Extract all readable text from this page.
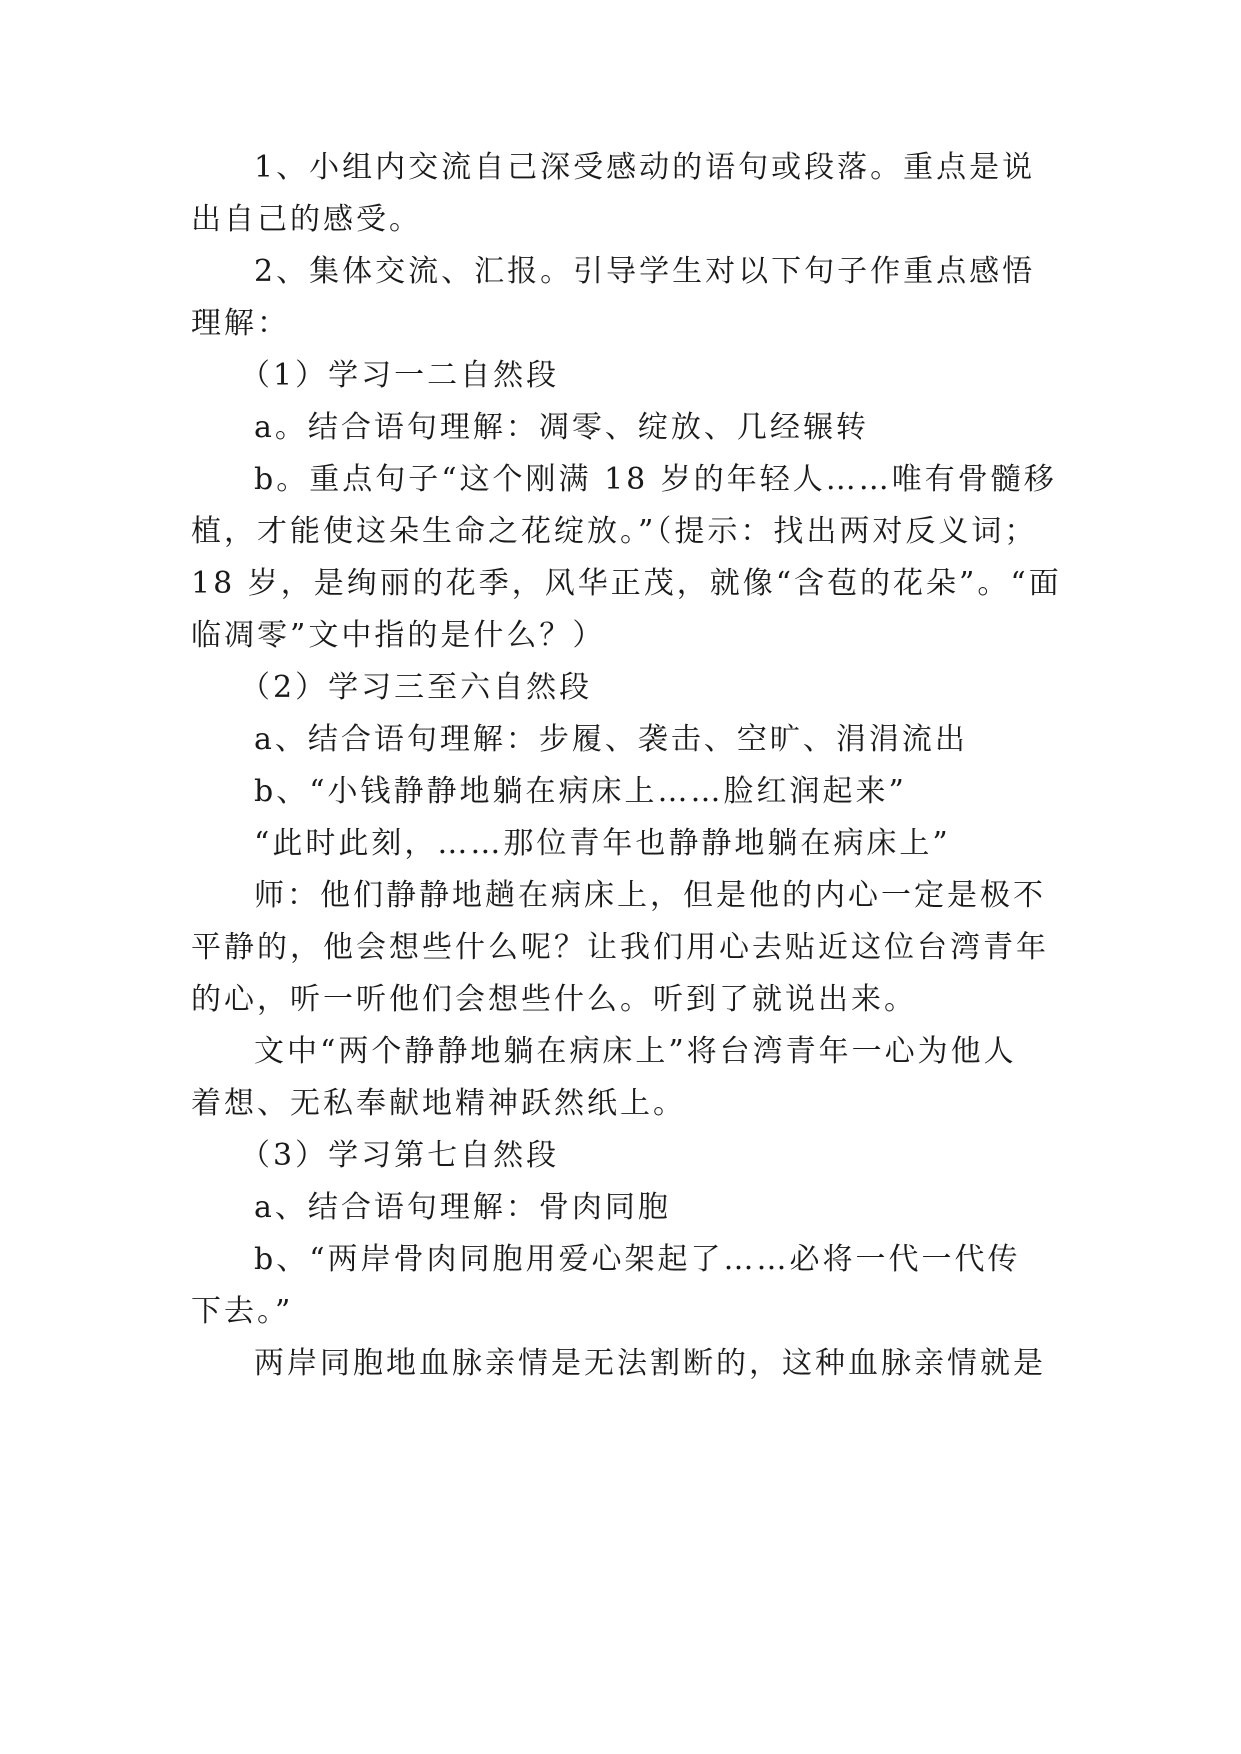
1、小组内交流自己深受感动的语句或段落。重点是说
出自己的感受。
2、集体交流、汇报。引导学生对以下句子作重点感悟
理解：
（1）学习一二自然段
a。结合语句理解：凋零、绽放、几经辗转
b。重点句子“这个刚满 18 岁的年轻人……唯有骨髓移
植，才能使这朵生命之花绽放。”（提示：找出两对反义词；
18 岁，是绚丽的花季，风华正茂，就像“含苞的花朵”。“面
临凋零”文中指的是什么？）
（2）学习三至六自然段
a、结合语句理解：步履、袭击、空旷、涓涓流出
b、“小钱静静地躺在病床上……脸红润起来”
“此时此刻，……那位青年也静静地躺在病床上”
师：他们静静地趟在病床上，但是他的内心一定是极不
平静的，他会想些什么呢？让我们用心去贴近这位台湾青年
的心，听一听他们会想些什么。听到了就说出来。
文中“两个静静地躺在病床上”将台湾青年一心为他人
着想、无私奉献地精神跃然纸上。
（3）学习第七自然段
a、结合语句理解：骨肉同胞
b、“两岸骨肉同胞用爱心架起了……必将一代一代传
下去。”
两岸同胞地血脉亲情是无法割断的，这种血脉亲情就是
